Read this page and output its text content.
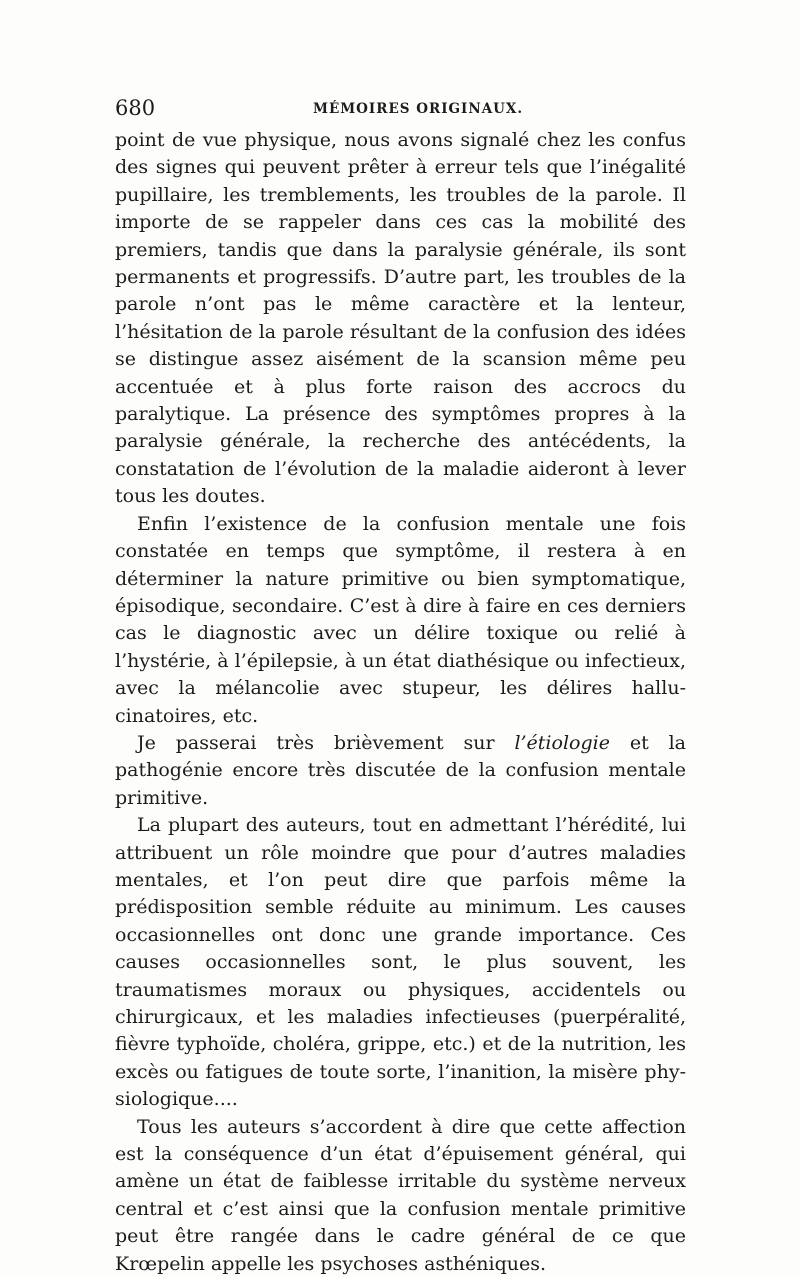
680	MÉMOIRES ORIGINAUX.

point de vue physique, nous avons signalé chez les confus des signes qui peuvent prêter à erreur tels que l’inégalité pupillaire, les tremblements, les troubles de la parole. Il importe de se rappeler dans ces cas la mobilité des premiers, tandis que dans la paralysie générale, ils sont permanents et progressifs. D’autre part, les troubles de la parole n’ont pas le même caractère et la lenteur, l’hésitation de la parole résultant de la confusion des idées se distingue assez aisément de la scansion même peu accentuée et à plus forte raison des accrocs du paralytique. La présence des symptômes propres à la paralysie générale, la recherche des antécédents, la constatation de l’évolution de la maladie aideront à lever tous les doutes.

Enfin l’existence de la confusion mentale une fois constatée en temps que symptôme, il restera à en déterminer la nature primitive ou bien symptomatique, épisodique, secondaire. C’est à dire à faire en ces derniers cas le diagnostic avec un délire toxique ou relié à l’hystérie, à l’épilepsie, à un état diathésique ou infectieux, avec la mélancolie avec stupeur, les délires hallucinatoires, etc.

Je passerai très brièvement sur l’étiologie et la pathogénie encore très discutée de la confusion mentale primitive.

La plupart des auteurs, tout en admettant l’hérédité, lui attribuent un rôle moindre que pour d’autres maladies mentales, et l’on peut dire que parfois même la prédisposition semble réduite au minimum. Les causes occasionnelles ont donc une grande importance. Ces causes occasionnelles sont, le plus souvent, les traumatismes moraux ou physiques, accidentels ou chirurgicaux, et les maladies infectieuses (puerpéralité, fièvre typhoïde, choléra, grippe, etc.) et de la nutrition, les excès ou fatigues de toute sorte, l’inanition, la misère physiologique....

Tous les auteurs s’accordent à dire que cette affection est la conséquence d’un état d’épuisement général, qui amène un état de faiblesse irritable du système nerveux central et c’est ainsi que la confusion mentale primitive peut être rangée dans le cadre général de ce que Krœpelin appelle les psychoses asthéniques.
